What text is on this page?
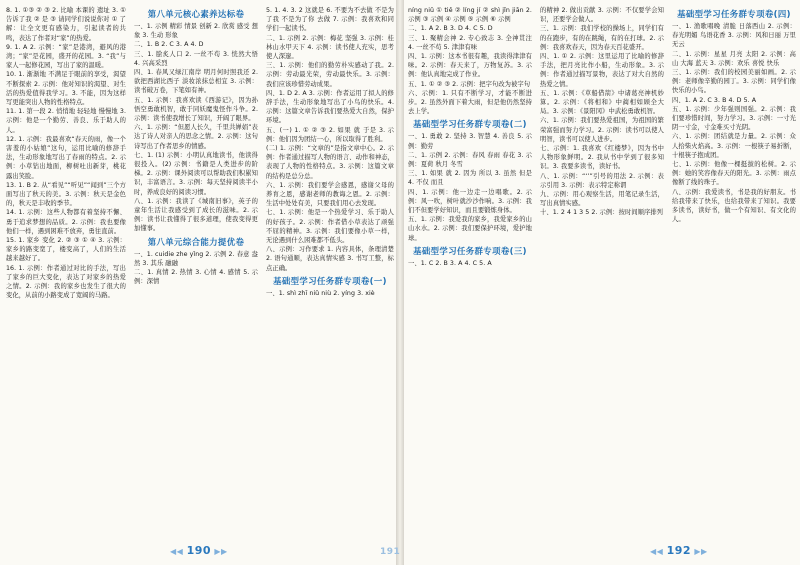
8. 1. ①③ ② ③ 2. 比喻 本课的 遗址 3. ①告诉了我 ② 是 ③ 请同学们说说你对 ① 了解：让全文更有感染力，引起读者的共鸣，表达了作者对“家”的热爱。

9. 1. A 2. 示例：“家”是港湾，避风的港湾；“家”是花园，盛开的花园。3. “我”与家人一起修花园，写出了家的温暖。

10. 1. 渐渐地 不满足于眼前的享受，渴望不断探索 2. 示例：他对知识的渴望、对生活的热爱值得我学习。3. 不能，因为这样写更能突出人物的性格特点。

11. 1. 第一段 2. 悄悄地 轻轻地 慢慢地 3. 示例：他是一个勤劳、善良、乐于助人的人。

12. 1. 示例：我最喜欢“春天的雨，像一个害羞的小姑娘”这句，运用比喻的修辞手法，生动形象地写出了春雨的特点。2. 示例：小草钻出地面，柳树吐出新芽，桃花露出笑脸。

13. 1. B 2. 从“看见”“听见”“闻到”三个方面写出了秋天的美。3. 示例：秋天是金色的，秋天是丰收的季节。

14. 1. 示例：这些人物都有着坚持不懈、勇于追求梦想的品质。2. 示例：我也要像他们一样，遇到困难不放弃，勇往直前。

15. 1. 家乡 变化 2. ② ③ ① ④ 3. 示例：家乡的路变宽了，楼变高了，人们的生活越来越好了。

16. 1. 示例：作者通过对比的手法，写出了家乡的巨大变化，表达了对家乡的热爱之情。2. 示例：我的家乡也发生了很大的变化，从前的小路变成了宽阔的马路。

第八单元核心素养达标卷

一、1. 示例 精彩 情景 创新 2. 欣赏 感受 想象 3. 生动 形象

二、1. B 2. C 3. A 4. D

三、1. 脍炙人口 2. 一丝不苟 3. 恍然大悟 4. 兴高采烈

四、1. 春风又绿江南岸 明月何时照我还 2. 欲把西湖比西子 淡妆浓抹总相宜 3. 示例：读书破万卷，下笔如有神。

五、1. 示例：我喜欢读《西游记》，因为孙悟空勇敢机智，敢于同妖魔鬼怪作斗争。2. 示例：读书使我增长了知识，开阔了眼界。

六、1. 示例：“但愿人长久，千里共婵娟”表达了诗人对亲人的思念之情。2. 示例：这句诗写出了作者思乡的情感。

七、1. (1) 示例：小明认真地读书，他读得很投入。(2) 示例：书籍是人类进步的阶梯。2. 示例：课外阅读可以帮助我们积累知识，丰富语言。3. 示例：每天坚持阅读半小时，养成良好的阅读习惯。

八、1. 示例：我读了《城南旧事》，英子的童年生活让我感受到了成长的滋味。2. 示例：读书让我懂得了很多道理，使我变得更加懂事。

第八单元综合能力提优卷

一、1. cuidie zhe yǐng 2. 示例 2. 春意 盎然 3. 其乐 融融

二、1. 真情 2. 热情 3. 心情 4. 感情 5. 示例：深情

5. 1. 4. 3. 2 这就是 6. 不要为不去做 不是为了我 不是为了你 去做 7. 示例：我喜欢和同学们一起读书。

二、1. 示例 2. 示例：梅花 坚强 3. 示例：桂林山水甲天下 4. 示例：读书使人充实，思考使人深邃。

三、1. 示例：他们的勤劳朴实感动了我。2. 示例：劳动最光荣，劳动最快乐。3. 示例：我们应该珍惜劳动成果。

四、1. D 2. A 3. 示例：作者运用了拟人的修辞手法，生动形象地写出了小鸟的快乐。4. 示例：这篇文章告诉我们要热爱大自然，保护环境。

五、(一) 1. ① ② ③ 2. 如果 就 于是 3. 示例：他们因为团结一心，所以取得了胜利。

(二) 1. 示例：“文章的”是指文章中心。2. 示例：作者通过描写人物的语言、动作和神态，表现了人物的性格特点。3. 示例：这篇文章的结构是总分总。

六、1. 示例：我们要学会感恩，感谢父母的养育之恩，感谢老师的教诲之恩。2. 示例：生活中处处有美，只要我们用心去发现。

七、1. 示例：他是一个热爱学习、乐于助人的好孩子。2. 示例：作者借小草表达了顽强不屈的精神。3. 示例：我们要像小草一样，无论遇到什么困难都不低头。

八、示例：习作要求 1. 内容具体，条理清楚 2. 语句通顺，表达真情实感 3. 书写工整，标点正确。

基础型学习任务群专项卷(一)

一、1. shì zhī niǔ niù 2. yíng 3. xiè

◀◀ 190 ▶▶

níng niǔ ① tiě ② líng jí ② shì jǐn jiān 2. 示例 ③ 示例 ④ 示例 ⑤ 示例 ⑥ 示例

二、1. A 2. B 3. D 4. C 5. D

三、1. 聚精会神 2. 专心致志 3. 全神贯注 4. 一丝不苟 5. 津津有味

四、1. 示例：这本书很有趣，我读得津津有味。2. 示例：春天来了，万物复苏。3. 示例：他认真地完成了作业。

五、1. ① ② ③ 2. 示例：把字句改为被字句

六、示例：1. 只有不断学习，才能不断进步。2. 虽然外面下着大雨，但是他仍然坚持去上学。

基础型学习任务群专项卷(二)

一、1. 勇敢 2. 坚持 3. 智慧 4. 善良 5. 示例：勤劳

二、1. 示例 2. 示例：春风 春雨 春花 3. 示例：夏荷 秋月 冬雪

三、1. 如果 就 2. 因为 所以 3. 虽然 但是 4. 不仅 而且

四、1. 示例：他一边走一边唱歌。2. 示例：风一吹，树叶就沙沙作响。3. 示例：我们不但要学好知识，而且要锻炼身体。

五、1. 示例：我爱我的家乡，我爱家乡的山山水水。2. 示例：我们要保护环境，爱护地球。

基础型学习任务群专项卷(三)

一、1. C 2. B 3. A 4. C 5. A

的精神 2. 做出贡献 3. 示例：不仅要学会知识，还要学会做人。

三、1. 示例：我们学校的操场上，同学们有的在跑步，有的在跳绳，有的在打球。2. 示例：我喜欢春天，因为春天百花盛开。

四、1. ① 2. 示例：这里运用了比喻的修辞手法，把月亮比作小船，生动形象。3. 示例：作者通过描写景物，表达了对大自然的热爱之情。

五、1. 示例：《草船借箭》中诸葛亮神机妙算。2. 示例：《将相和》中蔺相如顾全大局。3. 示例：《景阳冈》中武松勇敢机智。

六、1. 示例：我们要热爱祖国，为祖国的繁荣富强而努力学习。2. 示例：读书可以使人明智，读书可以使人进步。

七、示例：1. 我喜欢《红楼梦》，因为书中人物形象鲜明。2. 我从书中学到了很多知识。3. 我要多读书，读好书。

八、1. 示例：“‘’”引号的用法 2. 示例：表示引用 3. 示例：表示特定称谓

九、示例：用心观察生活，用笔记录生活，写出真情实感。

十、1. 2 4 1 3 5 2. 示例：按时间顺序排列

基础型学习任务群专项卷(四)

一、1. 渔歌唱晚 清脆 日落西山 2. 示例：春光明媚 鸟语花香 3. 示例：风和日丽 万里无云

二、1. 示例：星星 月亮 太阳 2. 示例：高山 大海 蓝天 3. 示例：欢乐 喜悦 快乐

三、1. 示例：我们的校园美丽如画。2. 示例：老师像辛勤的园丁。3. 示例：同学们像快乐的小鸟。

四、1. A 2. C 3. B 4. D 5. A

五、1. 示例：少年强则国强。2. 示例：我们要珍惜时间，努力学习。3. 示例：一寸光阴一寸金，寸金难买寸光阴。

六、1. 示例：团结就是力量。2. 示例：众人拾柴火焰高。3. 示例：一根筷子易折断，十根筷子抱成团。

七、1. 示例：他像一棵挺拔的松树。2. 示例：她的笑容像春天的阳光。3. 示例：雨点像断了线的珠子。

八、示例：我爱读书，书是我的好朋友。书给我带来了快乐，也给我带来了知识。我要多读书，读好书，做一个有知识、有文化的人。

191	◀◀ 192 ▶▶
